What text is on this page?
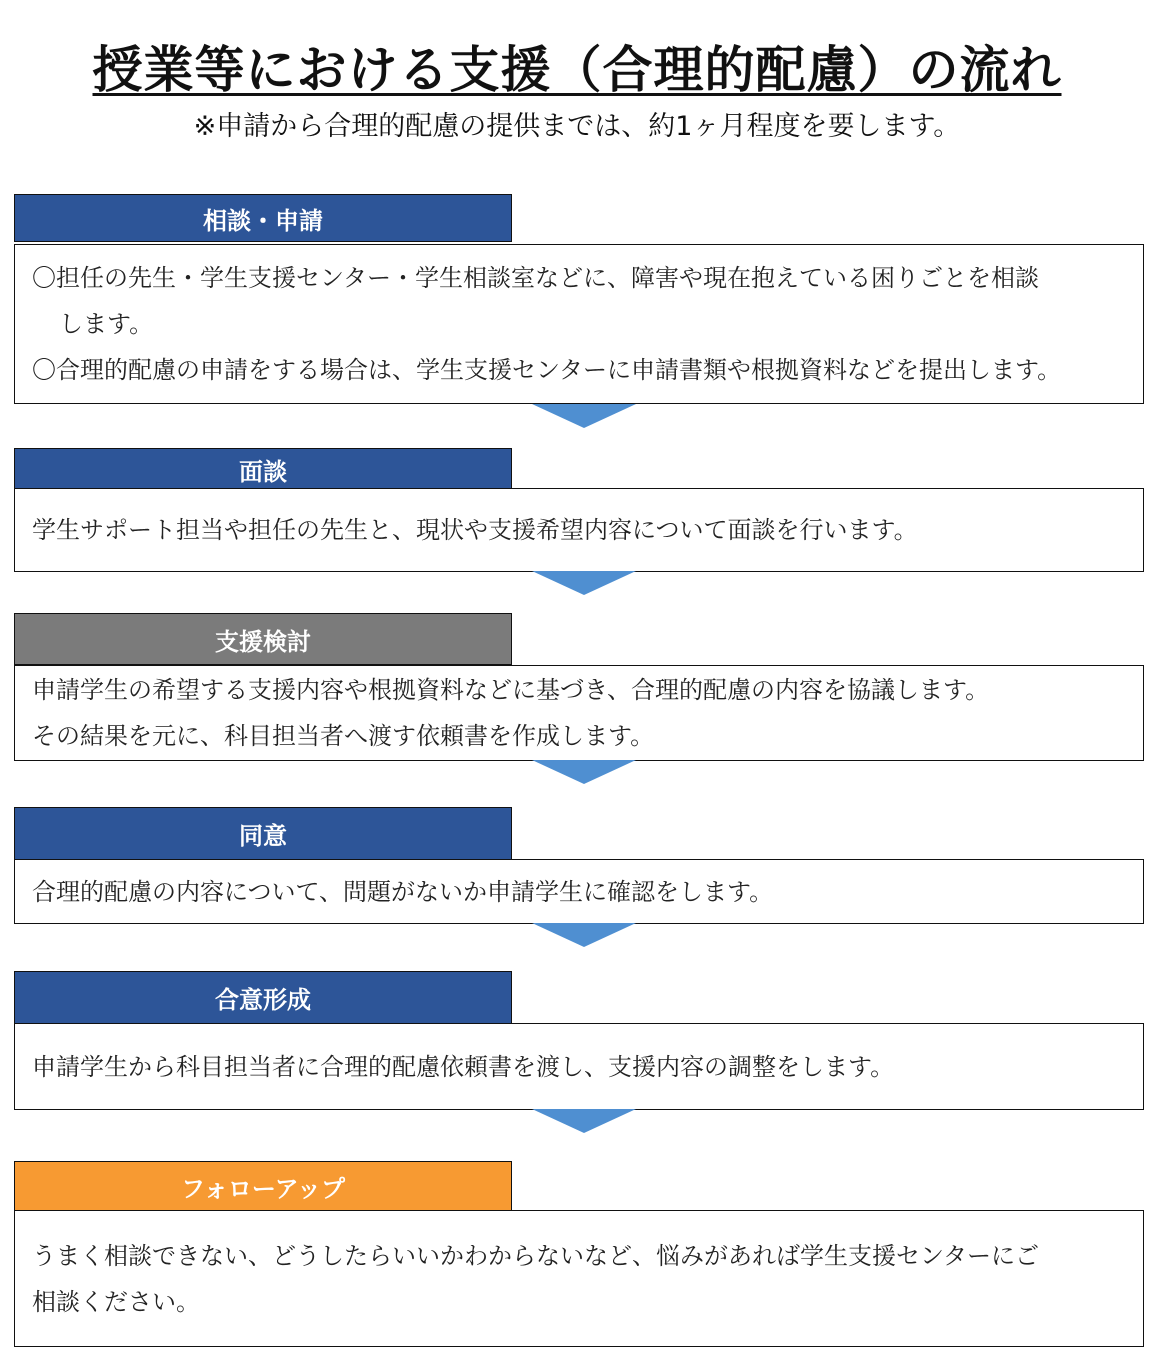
授業等における支援（合理的配慮）の流れ
※申請から合理的配慮の提供までは、約1ヶ月程度を要します。
相談・申請
〇担任の先生・学生支援センター・学生相談室などに、障害や現在抱えている困りごとを相談
します。
〇合理的配慮の申請をする場合は、学生支援センターに申請書類や根拠資料などを提出します。
面談
学生サポート担当や担任の先生と、現状や支援希望内容について面談を行います。
支援検討
申請学生の希望する支援内容や根拠資料などに基づき、合理的配慮の内容を協議します。
その結果を元に、科目担当者へ渡す依頼書を作成します。
同意
合理的配慮の内容について、問題がないか申請学生に確認をします。
合意形成
申請学生から科目担当者に合理的配慮依頼書を渡し、支援内容の調整をします。
フォローアップ
うまく相談できない、どうしたらいいかわからないなど、悩みがあれば学生支援センターにご
相談ください。
